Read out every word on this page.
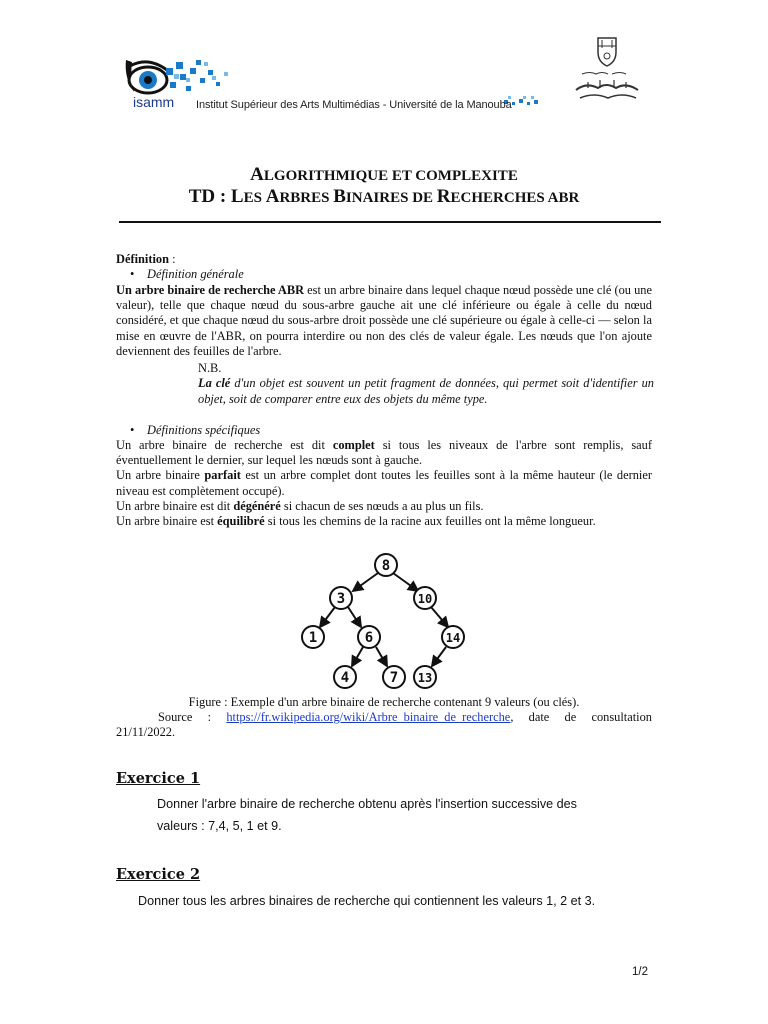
isamm Institut Supérieur des Arts Multimédias - Université de la Manouba
ALGORITHMIQUE ET COMPLEXITE
TD : LES ARBRES BINAIRES DE RECHERCHES ABR
Définition :
• Définition générale
Un arbre binaire de recherche ABR est un arbre binaire dans lequel chaque nœud possède une clé (ou une valeur), telle que chaque nœud du sous-arbre gauche ait une clé inférieure ou égale à celle du nœud considéré, et que chaque nœud du sous-arbre droit possède une clé supérieure ou égale à celle-ci — selon la mise en œuvre de l'ABR, on pourra interdire ou non des clés de valeur égale. Les nœuds que l'on ajoute deviennent des feuilles de l'arbre.
N.B.
La clé d'un objet est souvent un petit fragment de données, qui permet soit d'identifier un objet, soit de comparer entre eux des objets du même type.
• Définitions spécifiques
Un arbre binaire de recherche est dit complet si tous les niveaux de l'arbre sont remplis, sauf éventuellement le dernier, sur lequel les nœuds sont à gauche.
Un arbre binaire parfait est un arbre complet dont toutes les feuilles sont à la même hauteur (le dernier niveau est complètement occupé).
Un arbre binaire est dit dégénéré si chacun de ses nœuds a au plus un fils.
Un arbre binaire est équilibré si tous les chemins de la racine aux feuilles ont la même longueur.
8
3	10
1	6	14
4	7 13
Figure : Exemple d'un arbre binaire de recherche contenant 9 valeurs (ou clés).
Source : https://fr.wikipedia.org/wiki/Arbre_binaire_de_recherche, date de consultation 21/11/2022.
Exercice 1
Donner l'arbre binaire de recherche obtenu après l'insertion successive des
valeurs : 7,4, 5, 1 et 9.
Exercice 2
Donner tous les arbres binaires de recherche qui contiennent les valeurs 1, 2 et 3.
1/2
